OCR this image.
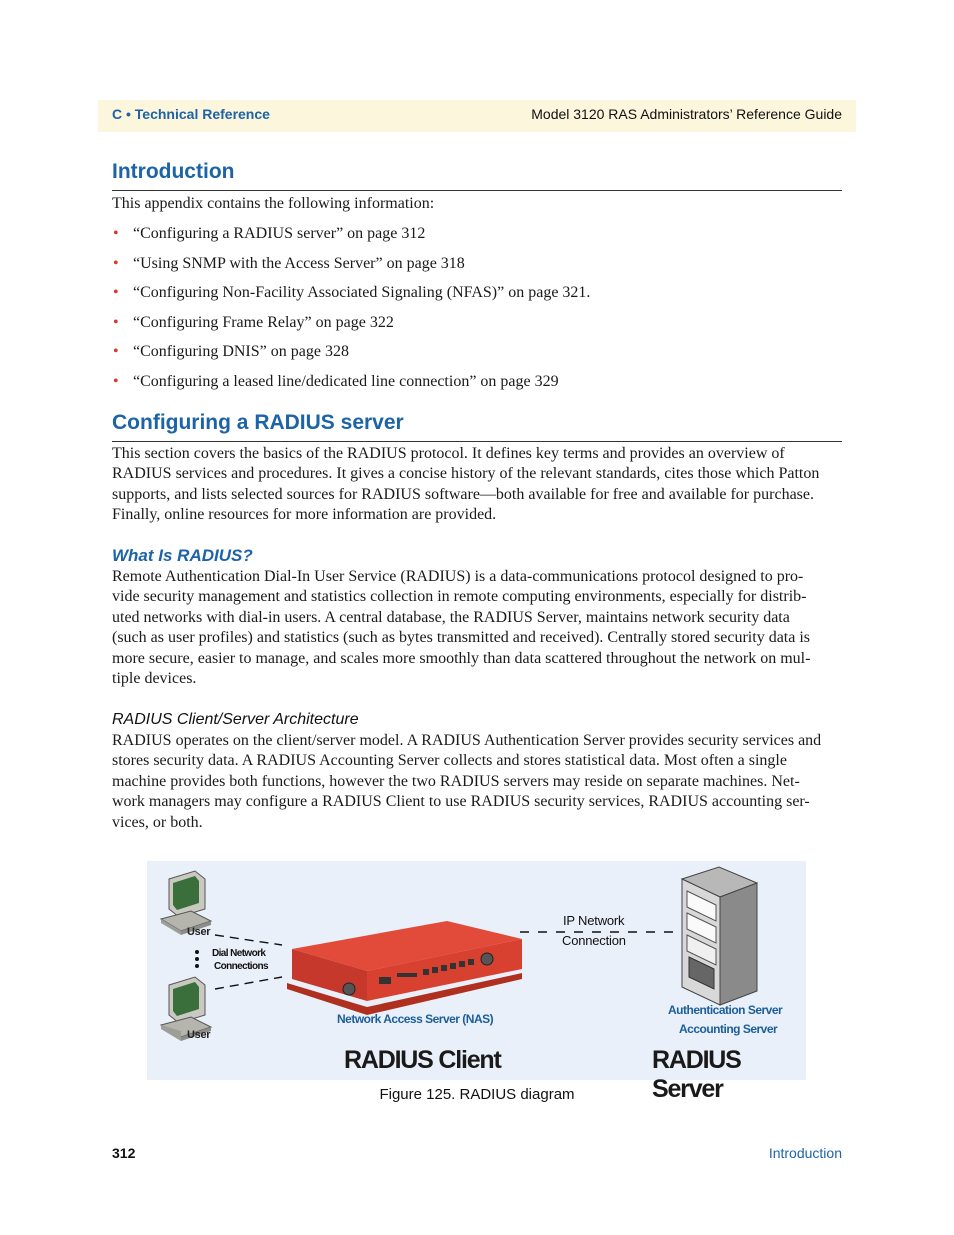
C • Technical Reference	Model 3120 RAS Administrators’ Reference Guide
Introduction
This appendix contains the following information:
• “Configuring a RADIUS server” on page 312
• “Using SNMP with the Access Server” on page 318
• “Configuring Non-Facility Associated Signaling (NFAS)” on page 321.
• “Configuring Frame Relay” on page 322
• “Configuring DNIS” on page 328
• “Configuring a leased line/dedicated line connection” on page 329
Configuring a RADIUS server
This section covers the basics of the RADIUS protocol. It defines key terms and provides an overview of
RADIUS services and procedures. It gives a concise history of the relevant standards, cites those which Patton
supports, and lists selected sources for RADIUS software—both available for free and available for purchase.
Finally, online resources for more information are provided.
What Is RADIUS?
Remote Authentication Dial-In User Service (RADIUS) is a data-communications protocol designed to pro-
vide security management and statistics collection in remote computing environments, especially for distrib-
uted networks with dial-in users. A central database, the RADIUS Server, maintains network security data
(such as user profiles) and statistics (such as bytes transmitted and received). Centrally stored security data is
more secure, easier to manage, and scales more smoothly than data scattered throughout the network on mul-
tiple devices.
RADIUS Client/Server Architecture
RADIUS operates on the client/server model. A RADIUS Authentication Server provides security services and
stores security data. A RADIUS Accounting Server collects and stores statistical data. Most often a single
machine provides both functions, however the two RADIUS servers may reside on separate machines. Net-
work managers may configure a RADIUS Client to use RADIUS security services, RADIUS accounting ser-
vices, or both.
User
User
Dial Network
Connections
IP Network
Connection
Network Access Server (NAS)
Authentication Server
Accounting Server
RADIUS Client	RADIUS Server
Figure 125. RADIUS diagram
312	Introduction
